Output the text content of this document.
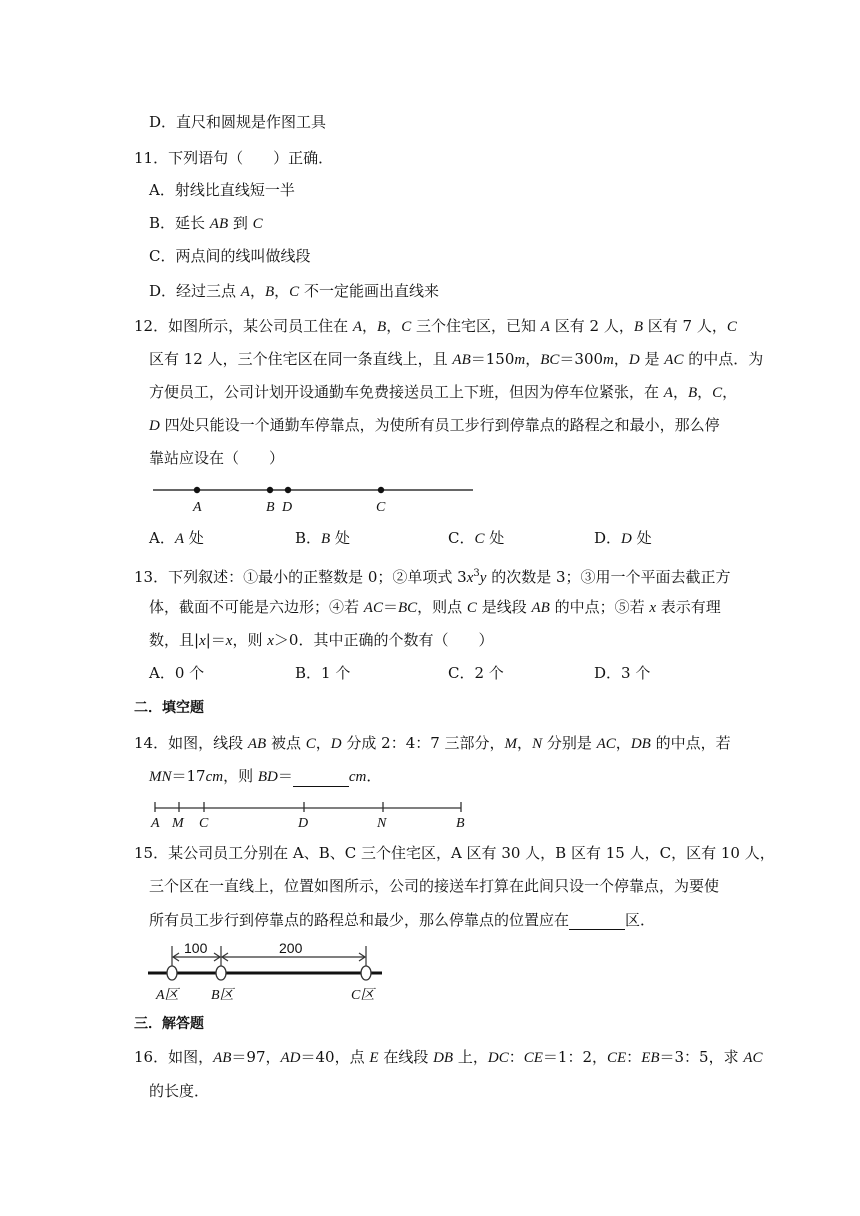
D．直尺和圆规是作图工具
11．下列语句（　　）正确．
A．射线比直线短一半
B．延长 AB 到 C
C．两点间的线叫做线段
D．经过三点 A，B，C 不一定能画出直线来
12．如图所示，某公司员工住在 A，B，C 三个住宅区，已知 A 区有 2 人，B 区有 7 人，C
区有 12 人，三个住宅区在同一条直线上，且 AB＝150m，BC＝300m，D 是 AC 的中点．为
方便员工，公司计划开设通勤车免费接送员工上下班，但因为停车位紧张，在 A，B，C，
D 四处只能设一个通勤车停靠点，为使所有员工步行到停靠点的路程之和最小，那么停
靠站应设在（　　）
A	B D	C
A．A 处	B．B 处	C．C 处	D．D 处
13．下列叙述：①最小的正整数是 0；②单项式 $3x^3y$ 的次数是 3；③用一个平面去截正方
体，截面不可能是六边形；④若 AC＝BC，则点 C 是线段 AB 的中点；⑤若 x 表示有理
数，且|x|＝x，则 x＞0．其中正确的个数有（　　）
A．0 个	B．1 个	C．2 个	D．3 个
二．填空题
14．如图，线段 AB 被点 C，D 分成 2：4：7 三部分，M，N 分别是 AC，DB 的中点，若
MN＝17cm，则 BD＝	cm．
A M C	D	N	B
15．某公司员工分别在 A、B、C 三个住宅区，A 区有 30 人，B 区有 15 人，C，区有 10 人，
三个区在一直线上，位置如图所示，公司的接送车打算在此间只设一个停靠点，为要使
所有员工步行到停靠点的路程总和最少，那么停靠点的位置应在	区．
100	200
A区 B区	C区
三．解答题
16．如图，AB＝97，AD＝40，点 E 在线段 DB 上，DC：CE＝1：2，CE：EB＝3：5，求 AC
的长度．
